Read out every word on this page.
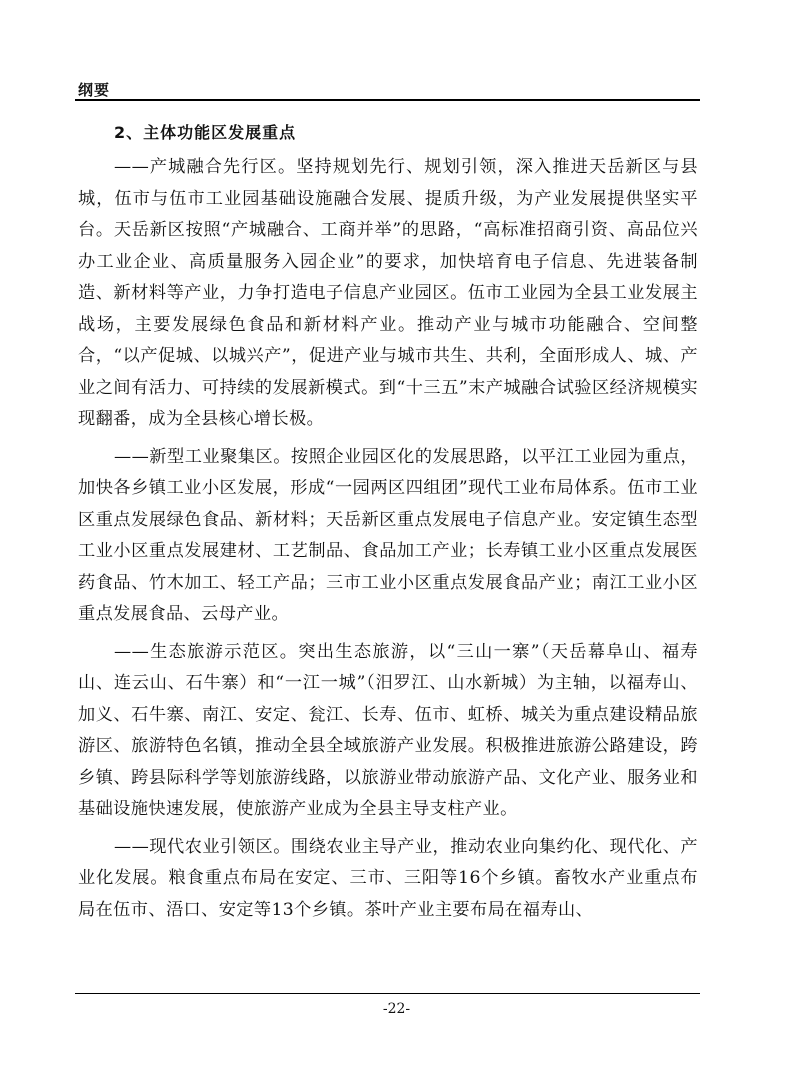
纲要
2、主体功能区发展重点

——产城融合先行区。坚持规划先行、规划引领，深入推进天岳新区与县城，伍市与伍市工业园基础设施融合发展、提质升级，为产业发展提供坚实平台。天岳新区按照“产城融合、工商并举”的思路，“高标准招商引资、高品位兴办工业企业、高质量服务入园企业”的要求，加快培育电子信息、先进装备制造、新材料等产业，力争打造电子信息产业园区。伍市工业园为全县工业发展主战场，主要发展绿色食品和新材料产业。推动产业与城市功能融合、空间整合，“以产促城、以城兴产”，促进产业与城市共生、共利，全面形成人、城、产业之间有活力、可持续的发展新模式。到“十三五”末产城融合试验区经济规模实现翻番，成为全县核心增长极。

——新型工业聚集区。按照企业园区化的发展思路，以平江工业园为重点，加快各乡镇工业小区发展，形成“一园两区四组团”现代工业布局体系。伍市工业区重点发展绿色食品、新材料；天岳新区重点发展电子信息产业。安定镇生态型工业小区重点发展建材、工艺制品、食品加工产业；长寿镇工业小区重点发展医药食品、竹木加工、轻工产品；三市工业小区重点发展食品产业；南江工业小区重点发展食品、云母产业。

——生态旅游示范区。突出生态旅游，以“三山一寨”（天岳幕阜山、福寿山、连云山、石牛寨）和“一江一城”（汨罗江、山水新城）为主轴，以福寿山、加义、石牛寨、南江、安定、瓮江、长寿、伍市、虹桥、城关为重点建设精品旅游区、旅游特色名镇，推动全县全域旅游产业发展。积极推进旅游公路建设，跨乡镇、跨县际科学等划旅游线路，以旅游业带动旅游产品、文化产业、服务业和基础设施快速发展，使旅游产业成为全县主导支柱产业。

——现代农业引领区。围绕农业主导产业，推动农业向集约化、现代化、产业化发展。粮食重点布局在安定、三市、三阳等16个乡镇。畜牧水产业重点布局在伍市、浯口、安定等13个乡镇。茶叶产业主要布局在福寿山、

-22-
